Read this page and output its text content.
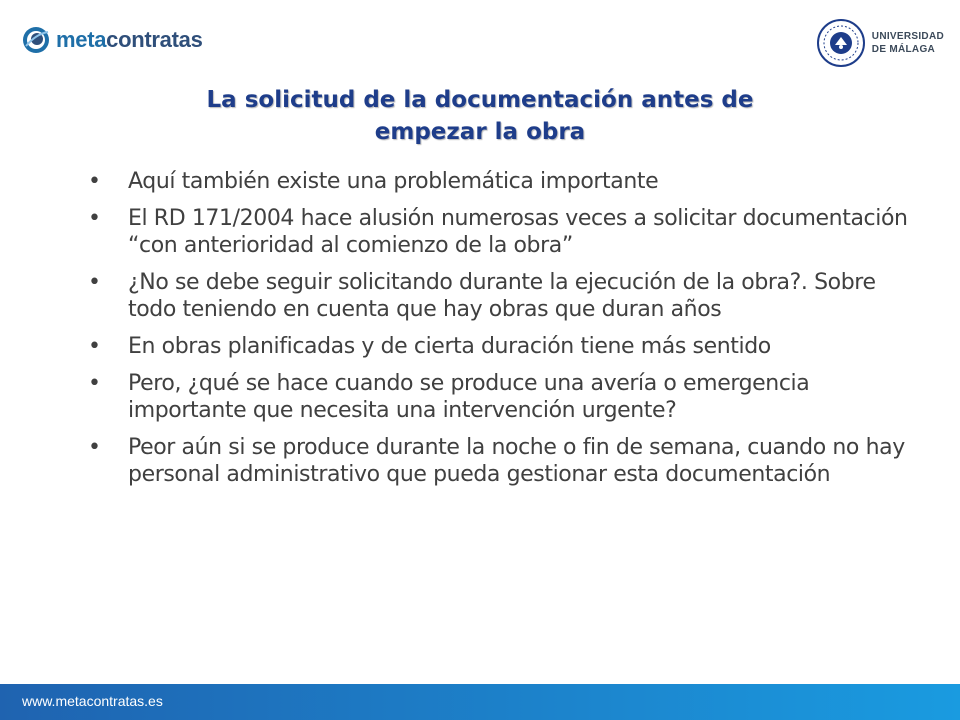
metacontratas	UNIVERSIDAD
DE MÁLAGA
La solicitud de la documentación antes de
empezar la obra
• Aquí también existe una problemática importante
• El RD 171/2004 hace alusión numerosas veces a solicitar documentación “con anterioridad al comienzo de la obra”
• ¿No se debe seguir solicitando durante la ejecución de la obra?. Sobre todo teniendo en cuenta que hay obras que duran años
• En obras planificadas y de cierta duración tiene más sentido
• Pero, ¿qué se hace cuando se produce una avería o emergencia importante que necesita una intervención urgente?
• Peor aún si se produce durante la noche o fin de semana, cuando no hay personal administrativo que pueda gestionar esta documentación
www.metacontratas.es
